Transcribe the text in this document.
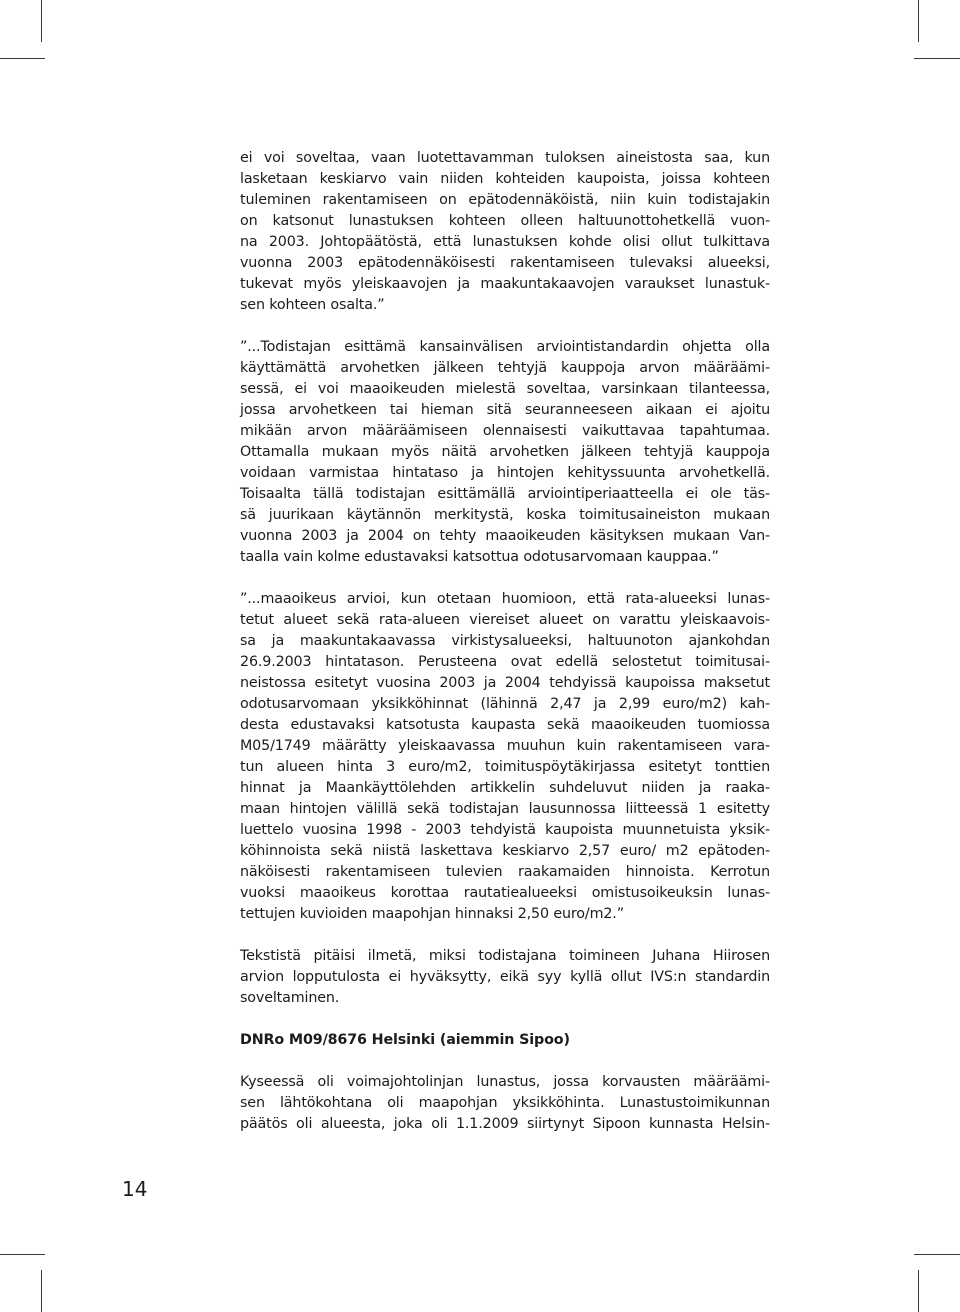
ei voi soveltaa, vaan luotettavamman tuloksen aineistosta saa, kun
lasketaan keskiarvo vain niiden kohteiden kaupoista, joissa kohteen
tuleminen rakentamiseen on epätodennäköistä, niin kuin todistajakin
on katsonut lunastuksen kohteen olleen haltuunottohetkellä vuon-
na 2003. Johtopäätöstä, että lunastuksen kohde olisi ollut tulkittava
vuonna 2003 epätodennäköisesti rakentamiseen tulevaksi alueeksi,
tukevat myös yleiskaavojen ja maakuntakaavojen varaukset lunastuk-
sen kohteen osalta.”
”...Todistajan esittämä kansainvälisen arviointistandardin ohjetta olla
käyttämättä arvohetken jälkeen tehtyjä kauppoja arvon määräämi-
sessä, ei voi maaoikeuden mielestä soveltaa, varsinkaan tilanteessa,
jossa arvohetkeen tai hieman sitä seuranneeseen aikaan ei ajoitu
mikään arvon määräämiseen olennaisesti vaikuttavaa tapahtumaa.
Ottamalla mukaan myös näitä arvohetken jälkeen tehtyjä kauppoja
voidaan varmistaa hintataso ja hintojen kehityssuunta arvohetkellä.
Toisaalta tällä todistajan esittämällä arviointiperiaatteella ei ole täs-
sä juurikaan käytännön merkitystä, koska toimitusaineiston mukaan
vuonna 2003 ja 2004 on tehty maaoikeuden käsityksen mukaan Van-
taalla vain kolme edustavaksi katsottua odotusarvomaan kauppaa.”
”...maaoikeus arvioi, kun otetaan huomioon, että rata-alueeksi lunas-
tetut alueet sekä rata-alueen viereiset alueet on varattu yleiskaavois-
sa ja maakuntakaavassa virkistysalueeksi, haltuunoton ajankohdan
26.9.2003 hintatason. Perusteena ovat edellä selostetut toimitusai-
neistossa esitetyt vuosina 2003 ja 2004 tehdyissä kaupoissa maksetut
odotusarvomaan yksikköhinnat (lähinnä 2,47 ja 2,99 euro/m2) kah-
desta edustavaksi katsotusta kaupasta sekä maaoikeuden tuomiossa
M05/1749 määrätty yleiskaavassa muuhun kuin rakentamiseen vara-
tun alueen hinta 3 euro/m2, toimituspöytäkirjassa esitetyt tonttien
hinnat ja Maankäyttölehden artikkelin suhdeluvut niiden ja raaka-
maan hintojen välillä sekä todistajan lausunnossa liitteessä 1 esitetty
luettelo vuosina 1998 - 2003 tehdyistä kaupoista muunnetuista yksik-
köhinnoista sekä niistä laskettava keskiarvo 2,57 euro/ m2 epätoden-
näköisesti rakentamiseen tulevien raakamaiden hinnoista. Kerrotun
vuoksi maaoikeus korottaa rautatiealueeksi omistusoikeuksin lunas-
tettujen kuvioiden maapohjan hinnaksi 2,50 euro/m2.”
Tekstistä pitäisi ilmetä, miksi todistajana toimineen Juhana Hiirosen
arvion lopputulosta ei hyväksytty, eikä syy kyllä ollut IVS:n standardin
soveltaminen.
DNRo M09/8676 Helsinki (aiemmin Sipoo)
Kyseessä oli voimajohtolinjan lunastus, jossa korvausten määräämi-
sen lähtökohtana oli maapohjan yksikköhinta. Lunastustoimikunnan
päätös oli alueesta, joka oli 1.1.2009 siirtynyt Sipoon kunnasta Helsin-
14
